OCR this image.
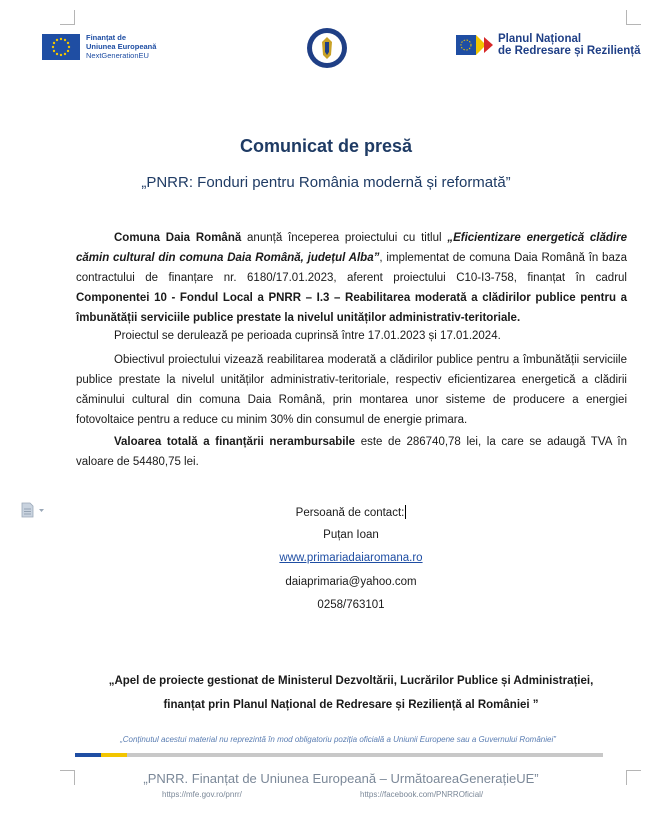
Finanțat de
Uniunea Europeană
NextGenerationEU
Planul Național
de Redresare și Reziliență
Comunicat de presă
„PNRR: Fonduri pentru România modernă și reformată”
Comuna Daia Română anunță începerea proiectului cu titlul „Eficientizare energetică clădire cămin cultural din comuna Daia Română, județul Alba”, implementat de comuna Daia Română în baza contractului de finanțare nr. 6180/17.01.2023, aferent proiectului C10-I3-758, finanțat în cadrul Componentei 10 - Fondul Local a PNRR – I.3 – Reabilitarea moderată a clădirilor publice pentru a îmbunătății serviciile publice prestate la nivelul unităților administrativ-teritoriale.
Proiectul se derulează pe perioada cuprinsă între 17.01.2023 și 17.01.2024.
Obiectivul proiectului vizează reabilitarea moderată a clădirilor publice pentru a îmbunătății serviciile publice prestate la nivelul unităților administrativ-teritoriale, respectiv eficientizarea energetică a clădirii căminului cultural din comuna Daia Română, prin montarea unor sisteme de producere a energiei fotovoltaice pentru a reduce cu minim 30% din consumul de energie primara.
Valoarea totală a finanțării nerambursabile este de 286740,78 lei, la care se adaugă TVA în valoare de 54480,75 lei.
Persoană de contact:
Puțan Ioan
www.primariadaiaromana.ro
daiaprimaria@yahoo.com
0258/763101
„Apel de proiecte gestionat de Ministerul Dezvoltării, Lucrărilor Publice și Administrației,
finanțat prin Planul Național de Redresare și Reziliență al României ”
„Conținutul acestui material nu reprezintă în mod obligatoriu poziția oficială a Uniunii Europene sau a Guvernului României”
„PNRR. Finanțat de Uniunea Europeană – UrmătoareaGenerațieUE”
https://mfe.gov.ro/pnrr/	https://facebook.com/PNRROficial/
